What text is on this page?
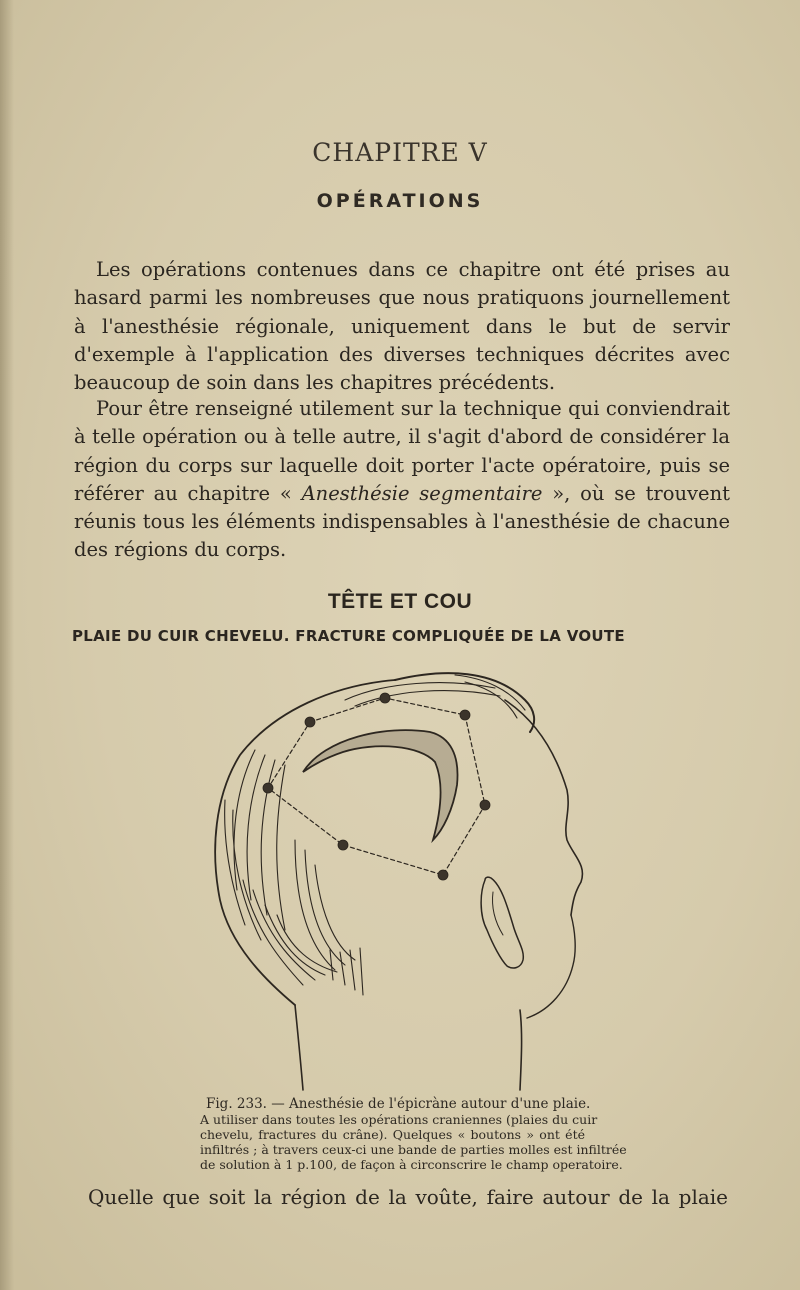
CHAPITRE V
OPÉRATIONS

Les opérations contenues dans ce chapitre ont été prises au hasard parmi les nombreuses que nous pratiquons journellement à l'anesthésie régionale, uniquement dans le but de servir d'exemple à l'application des diverses techniques décrites avec beaucoup de soin dans les chapitres précédents.

Pour être renseigné utilement sur la technique qui conviendrait à telle opération ou à telle autre, il s'agit d'abord de considérer la région du corps sur laquelle doit porter l'acte opératoire, puis se référer au chapitre « Anesthésie segmentaire », où se trouvent réunis tous les éléments indispensables à l'anesthésie de chacune des régions du corps.

TÊTE ET COU
PLAIE DU CUIR CHEVELU. FRACTURE COMPLIQUÉE DE LA VOUTE
Fig. 233. — Anesthésie de l'épicràne autour d'une plaie.
A utiliser dans toutes les opérations craniennes (plaies du cuir
chevelu, fractures du crâne). Quelques « boutons » ont été
infiltrés ; à travers ceux-ci une bande de parties molles est infiltrée
de solution à 1 p.100, de façon à circonscrire le champ operatoire.
Quelle que soit la région de la voûte, faire autour de la plaie
